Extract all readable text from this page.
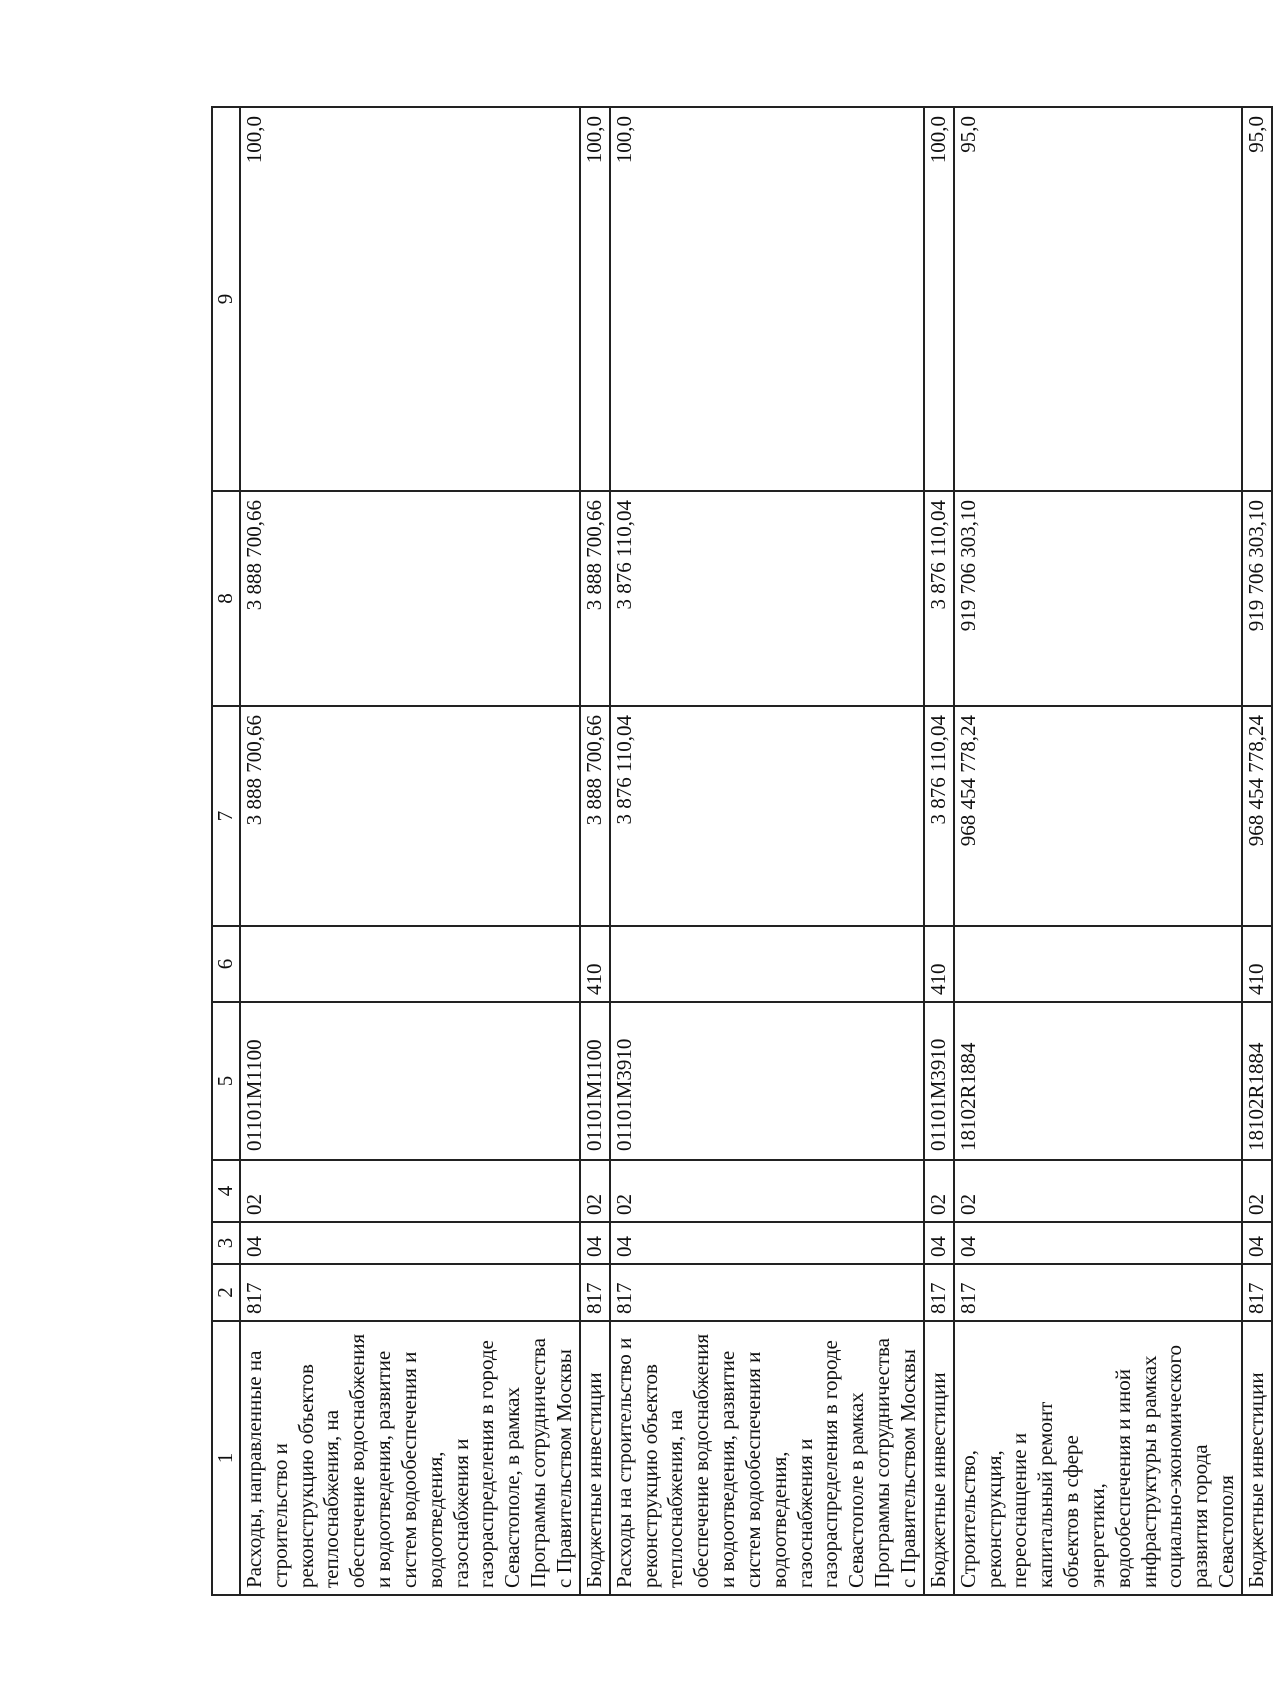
1	2	3	4	5	6	7	8	9
Расходы, направленные на строительство и реконструкцию объектов теплоснабжения, на обеспечение водоснабжения и водоотведения, развитие систем водообеспечения и водоотведения, газоснабжения и газораспределения в городе Севастополе, в рамках Программы сотрудничества с Правительством Москвы	817	04	02	01101M1100		3 888 700,66	3 888 700,66	100,0
Бюджетные инвестиции	817	04	02	01101M1100	410	3 888 700,66	3 888 700,66	100,0
Расходы на строительство и реконструкцию объектов теплоснабжения, на обеспечение водоснабжения и водоотведения, развитие систем водообеспечения и водоотведения, газоснабжения и газораспределения в городе Севастополе в рамках Программы сотрудничества с Правительством Москвы	817	04	02	01101M3910		3 876 110,04	3 876 110,04	100,0
Бюджетные инвестиции	817	04	02	01101M3910	410	3 876 110,04	3 876 110,04	100,0
Строительство, реконструкция, переоснащение и капитальный ремонт объектов в сфере энергетики, водообеспечения и иной инфраструктуры в рамках социально-экономического развития города Севастополя	817	04	02	18102R1884		968 454 778,24	919 706 303,10	95,0
Бюджетные инвестиции	817	04	02	18102R1884	410	968 454 778,24	919 706 303,10	95,0
